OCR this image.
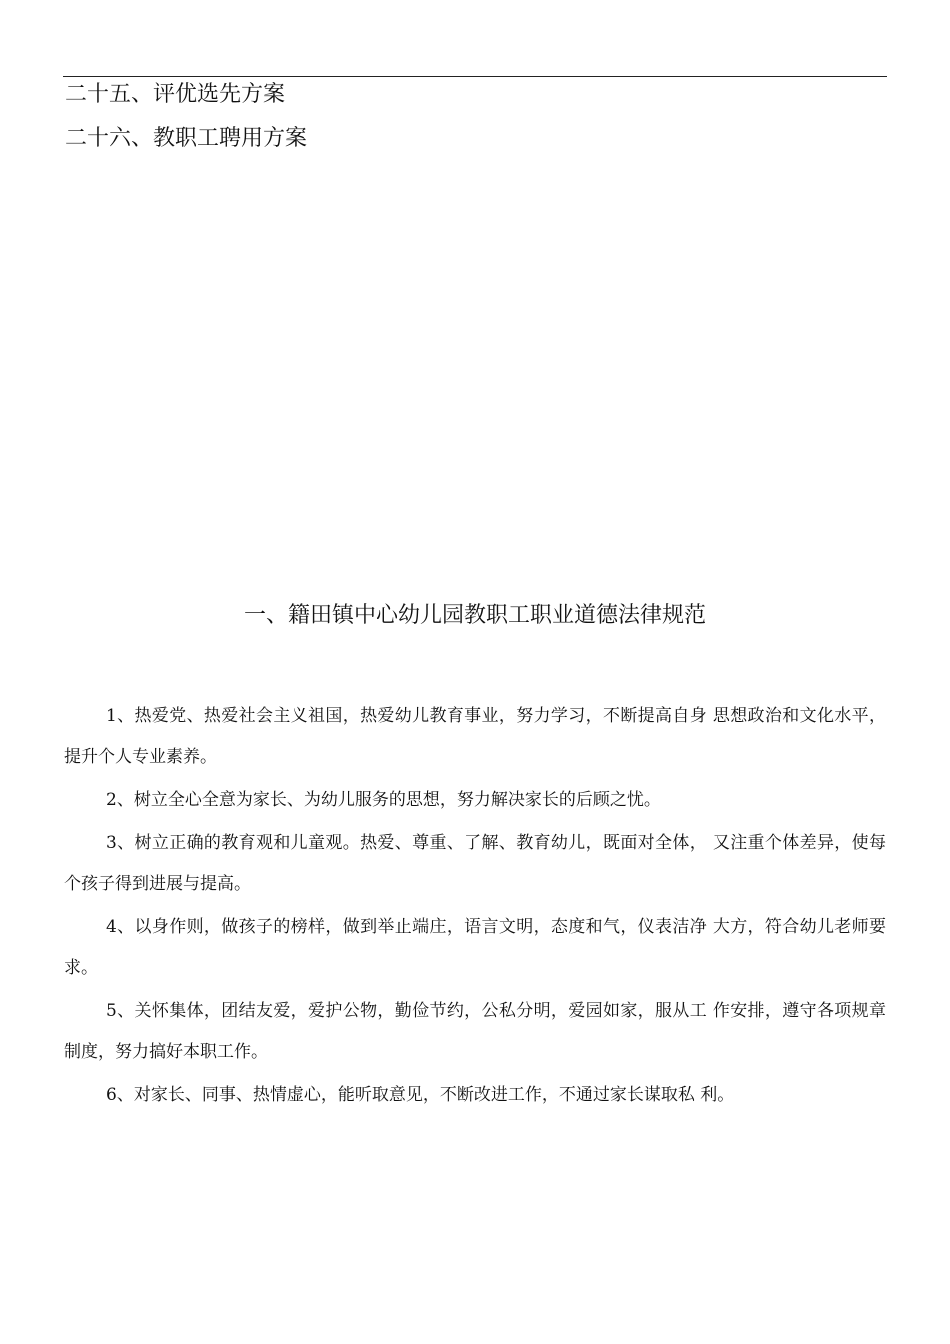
二十五、评优选先方案
二十六、教职工聘用方案
一、籍田镇中心幼儿园教职工职业道德法律规范

1、热爱党、热爱社会主义祖国，热爱幼儿教育事业，努力学习，不断提高自身 思想政治和文化水平，提升个人专业素养。

2、树立全心全意为家长、为幼儿服务的思想，努力解决家长的后顾之忧。

3、树立正确的教育观和儿童观。热爱、尊重、了解、教育幼儿，既面对全体， 又注重个体差异，使每个孩子得到进展与提高。

4、以身作则，做孩子的榜样，做到举止端庄，语言文明，态度和气，仪表洁净 大方，符合幼儿老师要求。

5、关怀集体，团结友爱，爱护公物，勤俭节约，公私分明，爱园如家，服从工 作安排，遵守各项规章制度，努力搞好本职工作。

6、对家长、同事、热情虚心，能听取意见，不断改进工作，不通过家长谋取私 利。
